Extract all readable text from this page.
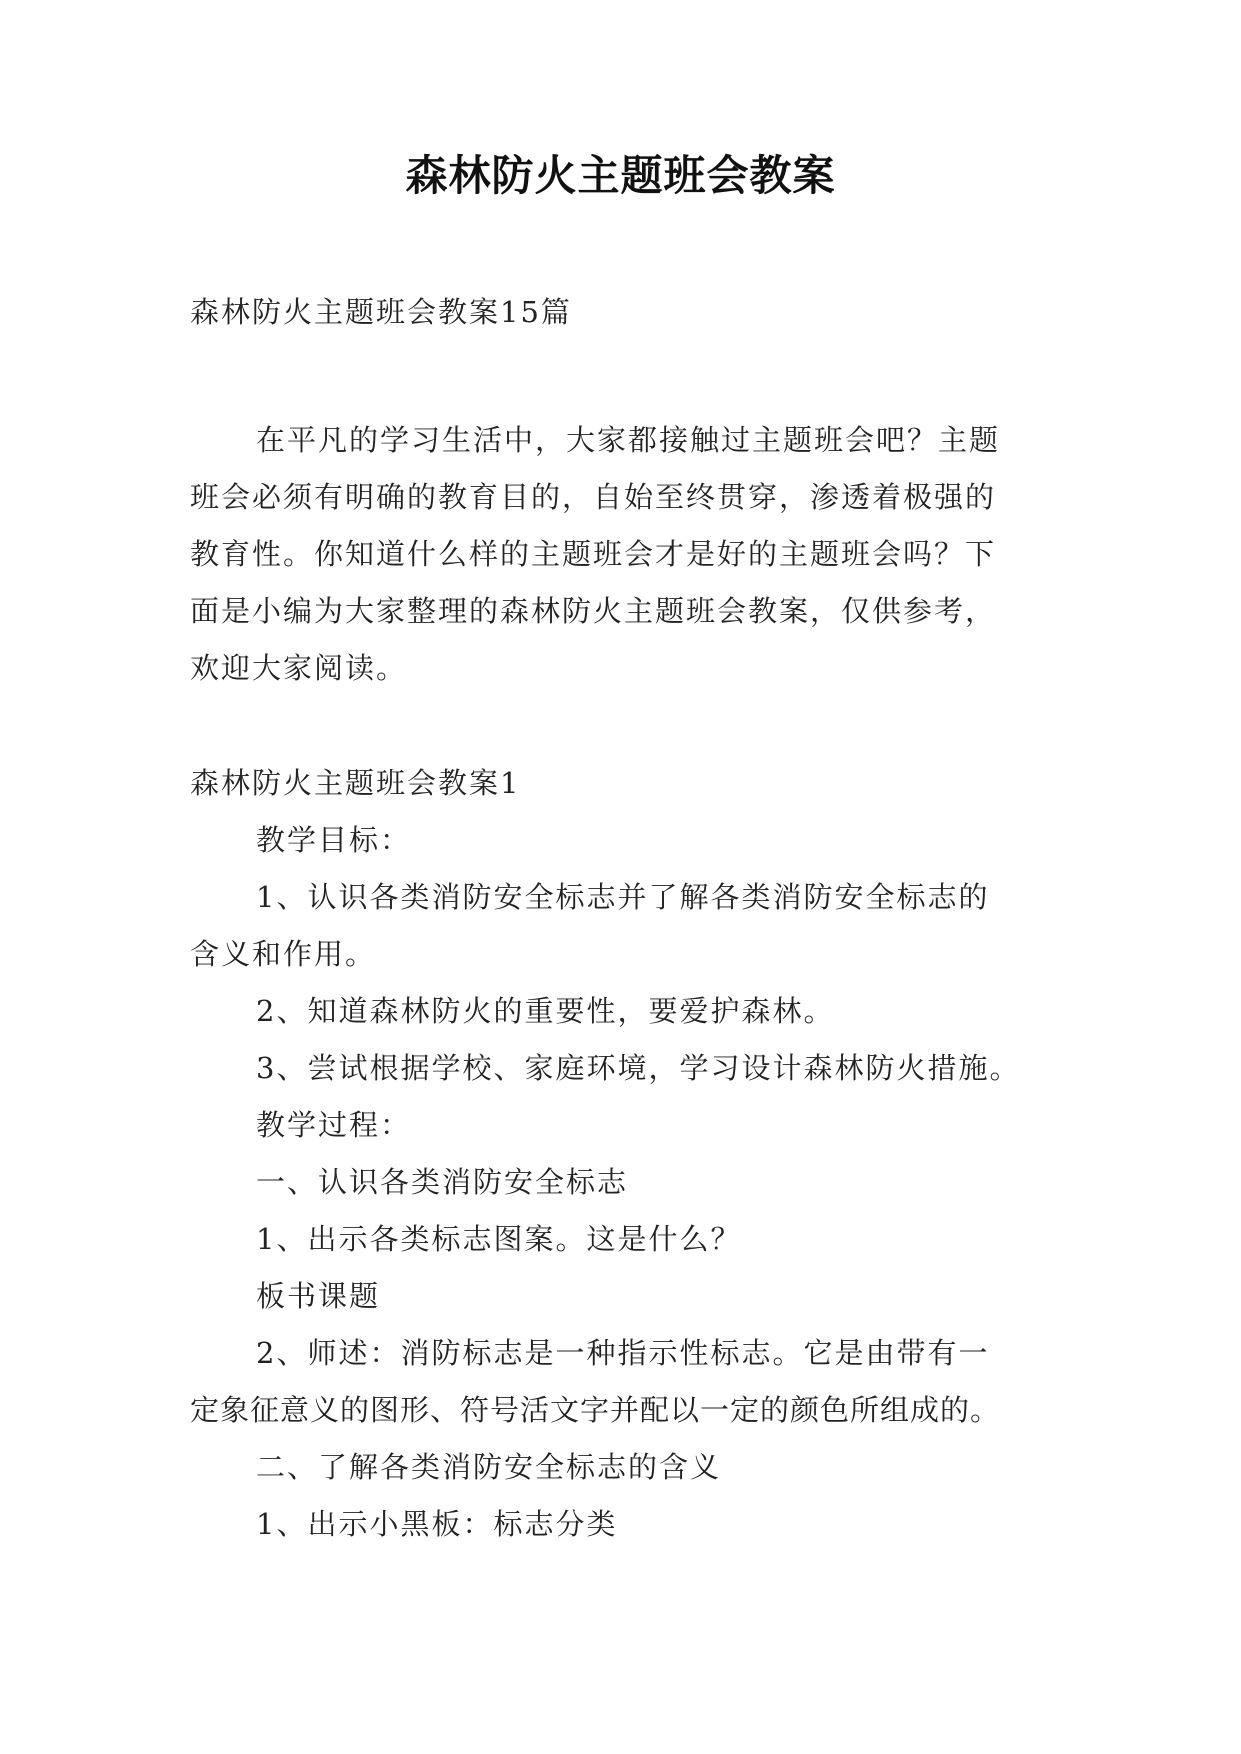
森林防火主题班会教案
森林防火主题班会教案15篇
在平凡的学习生活中，大家都接触过主题班会吧？主题
班会必须有明确的教育目的，自始至终贯穿，渗透着极强的
教育性。你知道什么样的主题班会才是好的主题班会吗？下
面是小编为大家整理的森林防火主题班会教案，仅供参考，
欢迎大家阅读。
森林防火主题班会教案1
教学目标：
1、认识各类消防安全标志并了解各类消防安全标志的
含义和作用。
2、知道森林防火的重要性，要爱护森林。
3、尝试根据学校、家庭环境，学习设计森林防火措施。
教学过程：
一、认识各类消防安全标志
1、出示各类标志图案。这是什么？
板书课题
2、师述：消防标志是一种指示性标志。它是由带有一
定象征意义的图形、符号活文字并配以一定的颜色所组成的。
二、了解各类消防安全标志的含义
1、出示小黑板：标志分类
